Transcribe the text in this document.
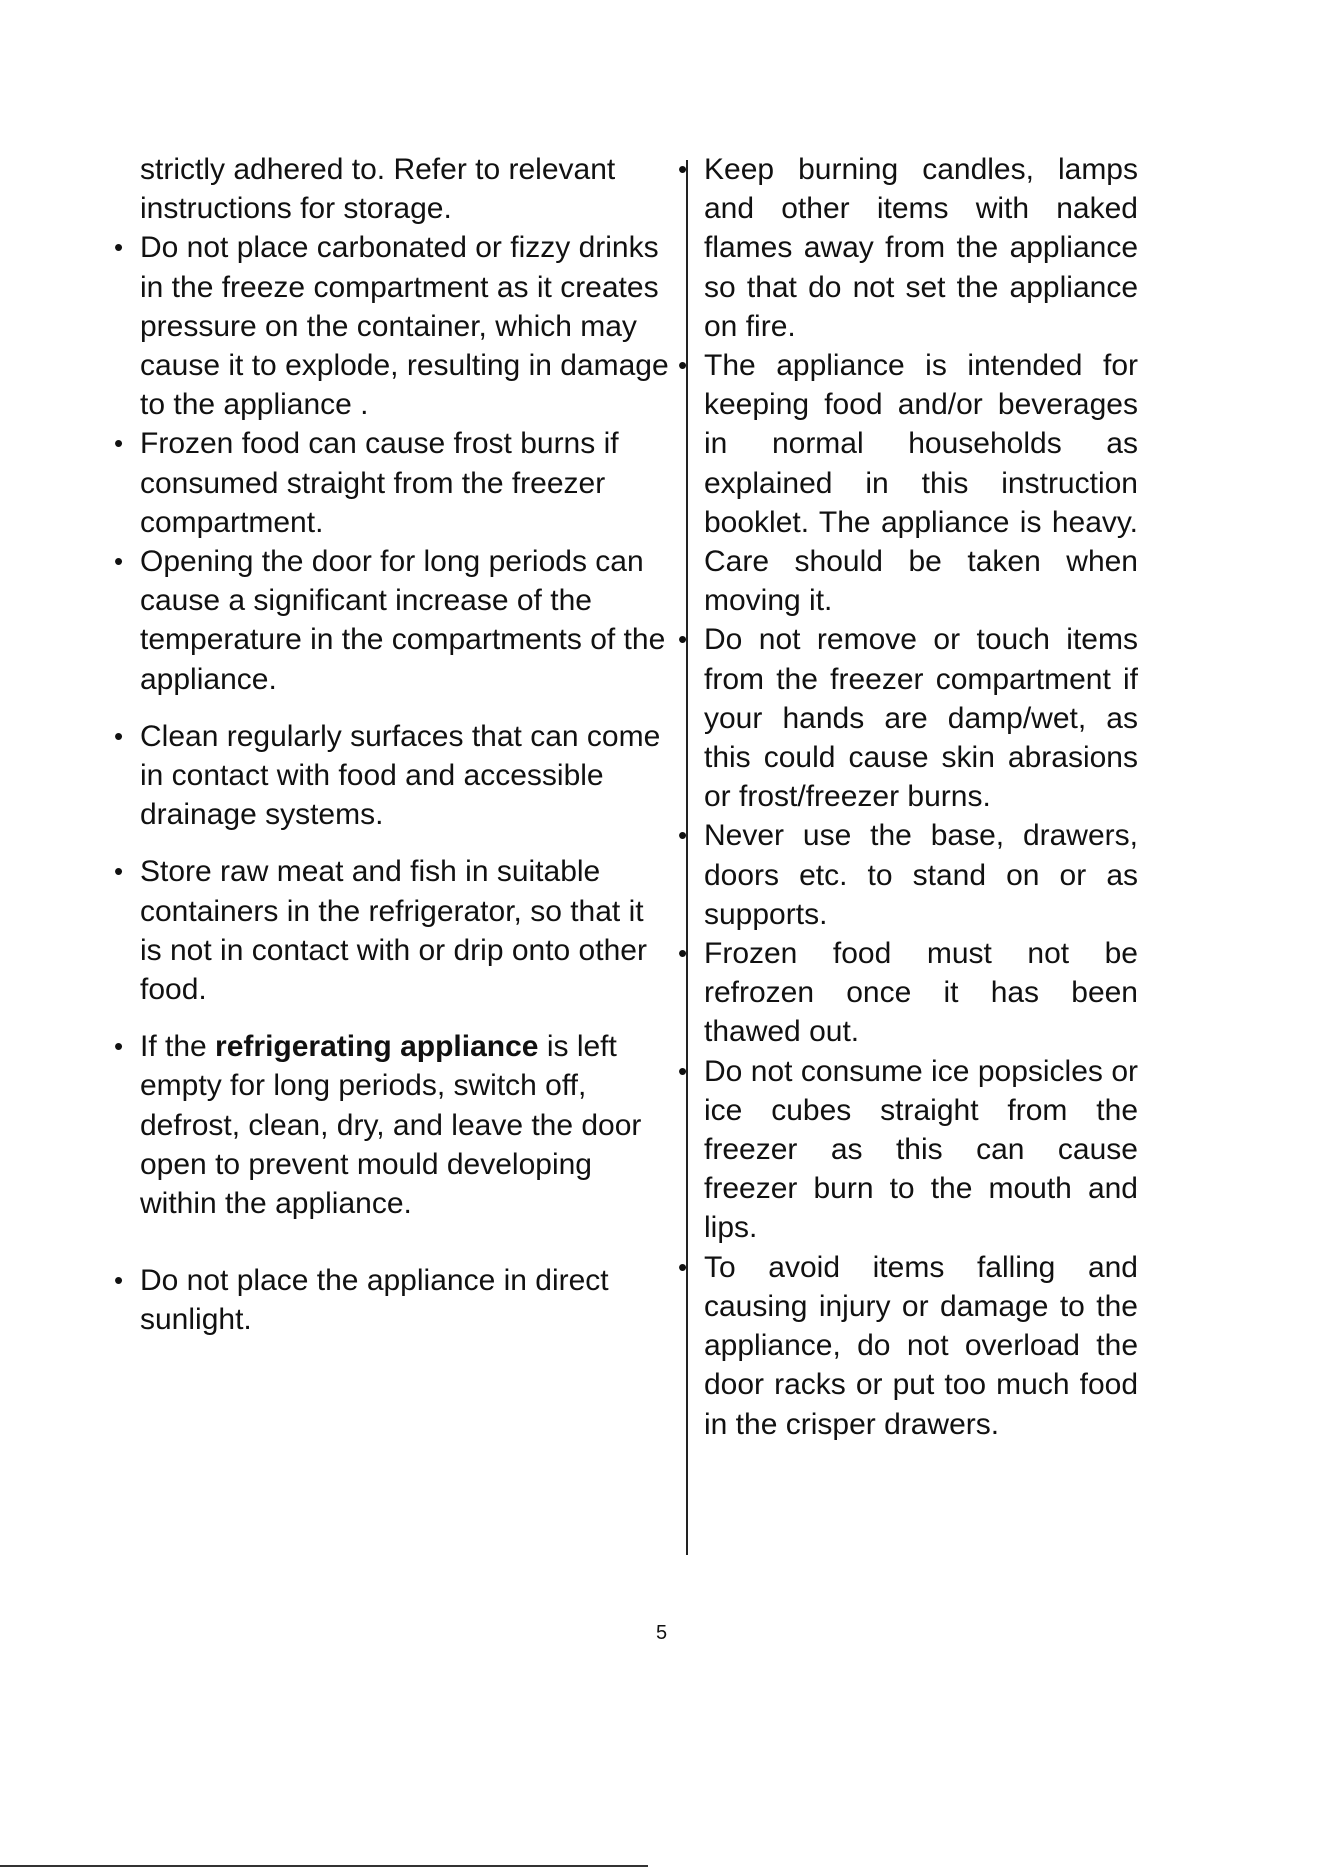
strictly adhered to. Refer to relevant instructions for storage.
• Do not place carbonated or fizzy drinks in the freeze compartment as it creates pressure on the container, which may cause it to explode, resulting in damage to the appliance .
• Frozen food can cause frost burns if consumed straight from the freezer compartment.
• Opening the door for long periods can cause a significant increase of the temperature in the compartments of the appliance.
• Clean regularly surfaces that can come in contact with food and accessible drainage systems.
• Store raw meat and fish in suitable containers in the refrigerator, so that it is not in contact with or drip onto other food.
• If the refrigerating appliance is left empty for long periods, switch off, defrost, clean, dry, and leave the door open to prevent mould developing within the appliance.
• Do not place the appliance in direct sunlight.
• Keep burning candles, lamps and other items with naked flames away from the appliance so that do not set the appliance on fire.
• The appliance is intended for keeping food and/or beverages in normal households as explained in this instruction booklet. The appliance is heavy. Care should be taken when moving it.
• Do not remove or touch items from the freezer compartment if your hands are damp/wet, as this could cause skin abrasions or frost/freezer burns.
• Never use the base, drawers, doors etc. to stand on or as supports.
• Frozen food must not be refrozen once it has been thawed out.
• Do not consume ice popsicles or ice cubes straight from the freezer as this can cause freezer burn to the mouth and lips.
• To avoid items falling and causing injury or damage to the appliance, do not overload the door racks or put too much food in the crisper drawers.
5
